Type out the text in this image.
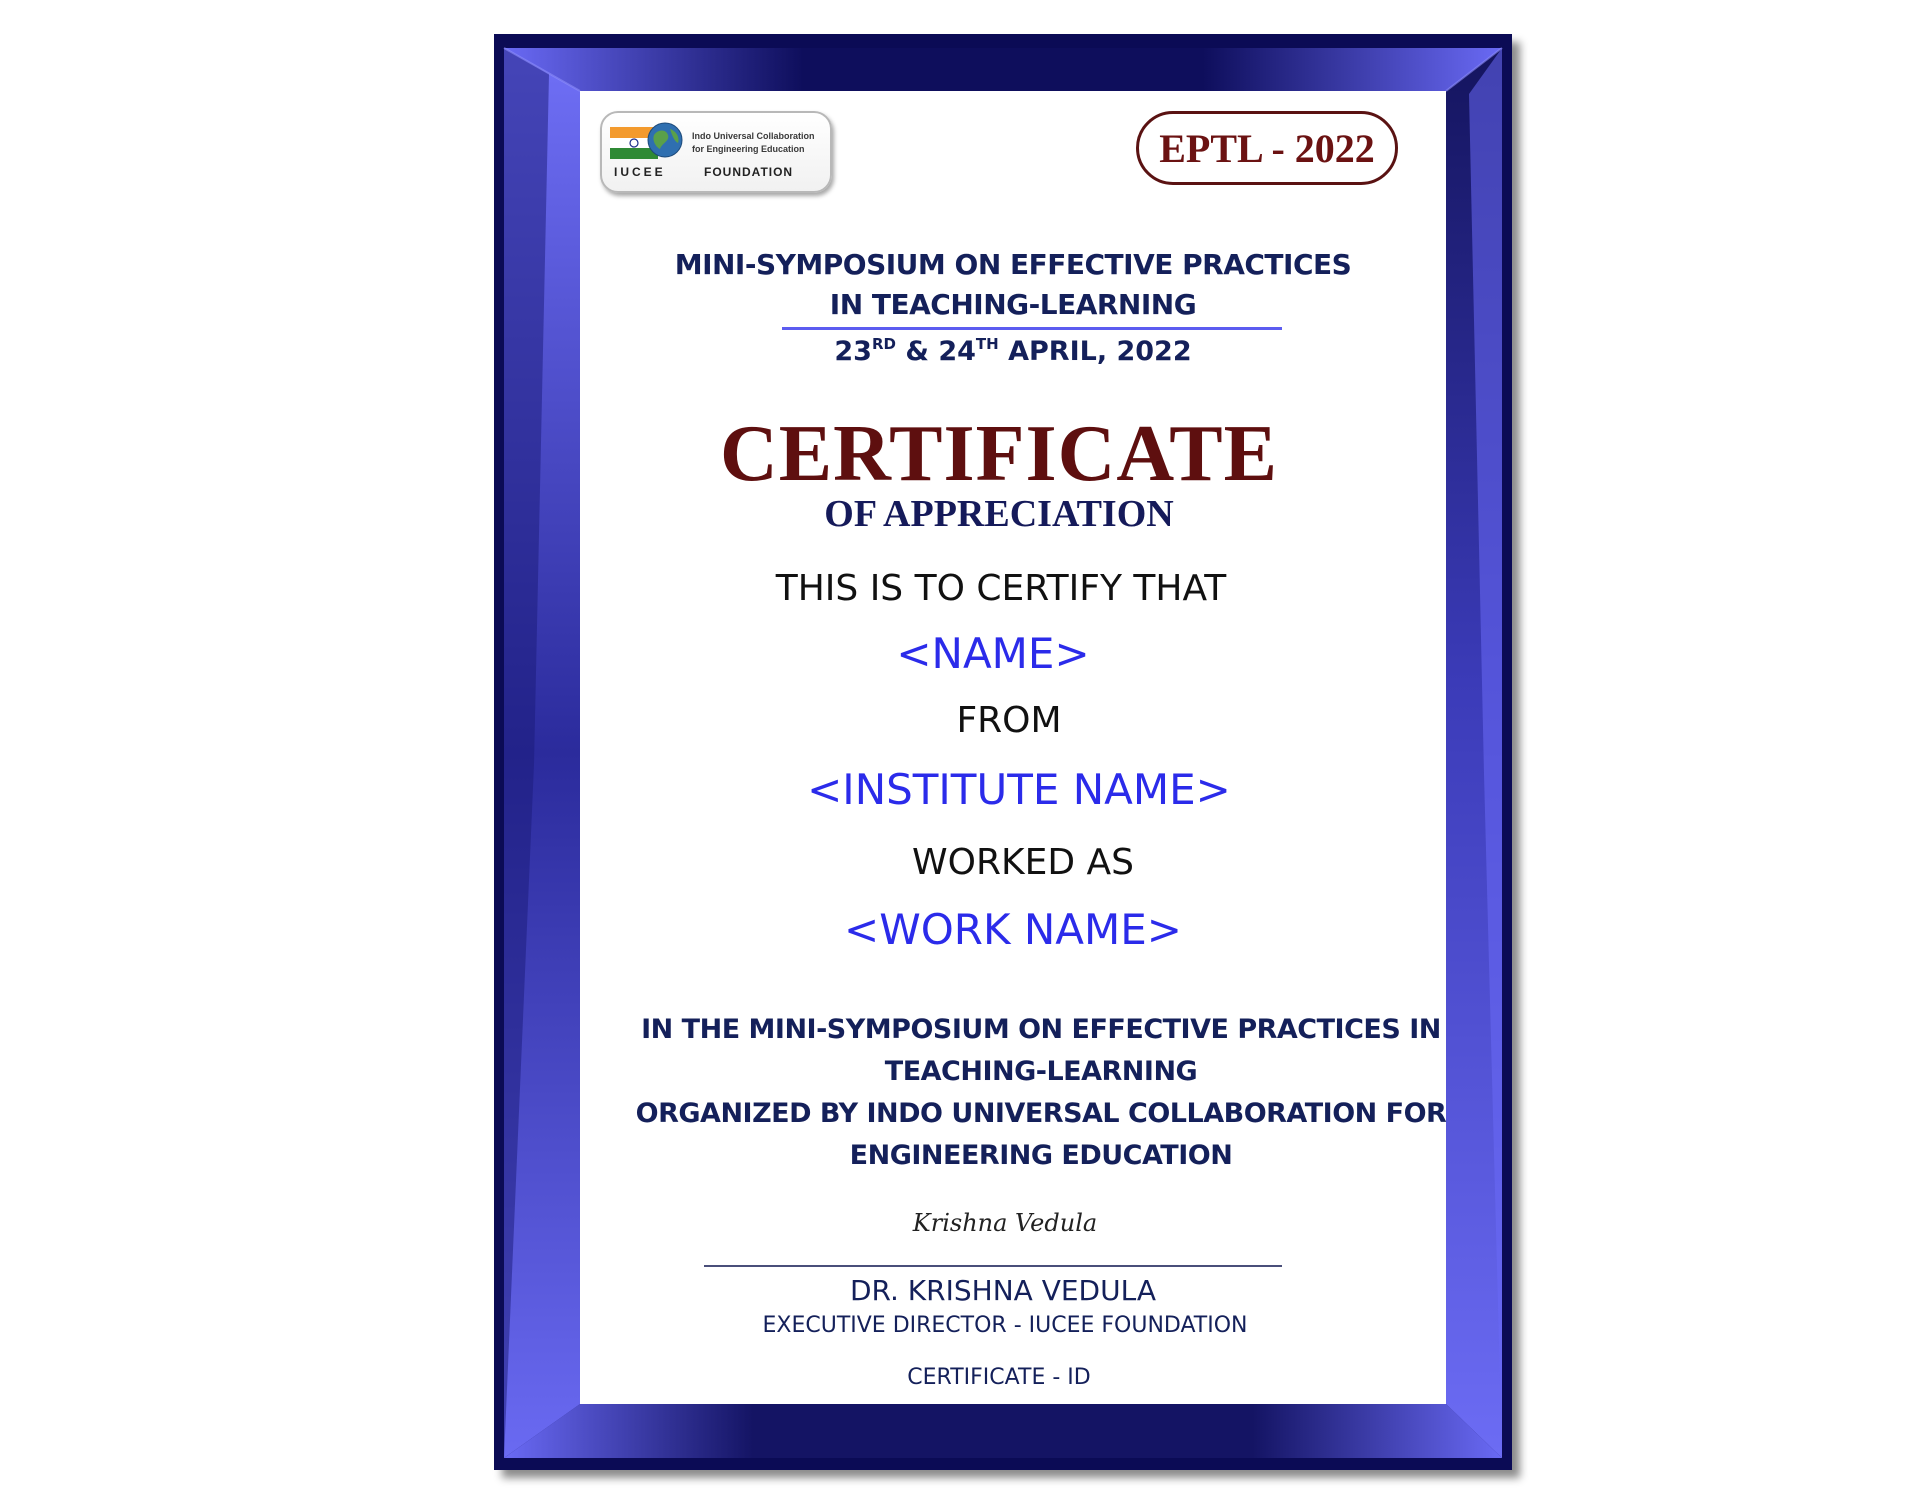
Indo Universal Collaboration
for Engineering Education
IUCEE	FOUNDATION
EPTL - 2022
MINI-SYMPOSIUM ON EFFECTIVE PRACTICES
IN TEACHING-LEARNING
23RD & 24TH APRIL, 2022
CERTIFICATE
OF APPRECIATION
THIS IS TO CERTIFY THAT
<NAME>
FROM
<INSTITUTE NAME>
WORKED AS
<WORK NAME>
IN THE MINI-SYMPOSIUM ON EFFECTIVE PRACTICES IN
TEACHING-LEARNING
ORGANIZED BY INDO UNIVERSAL COLLABORATION FOR
ENGINEERING EDUCATION
Krishna Vedula
DR. KRISHNA VEDULA
EXECUTIVE DIRECTOR - IUCEE FOUNDATION
CERTIFICATE - ID
